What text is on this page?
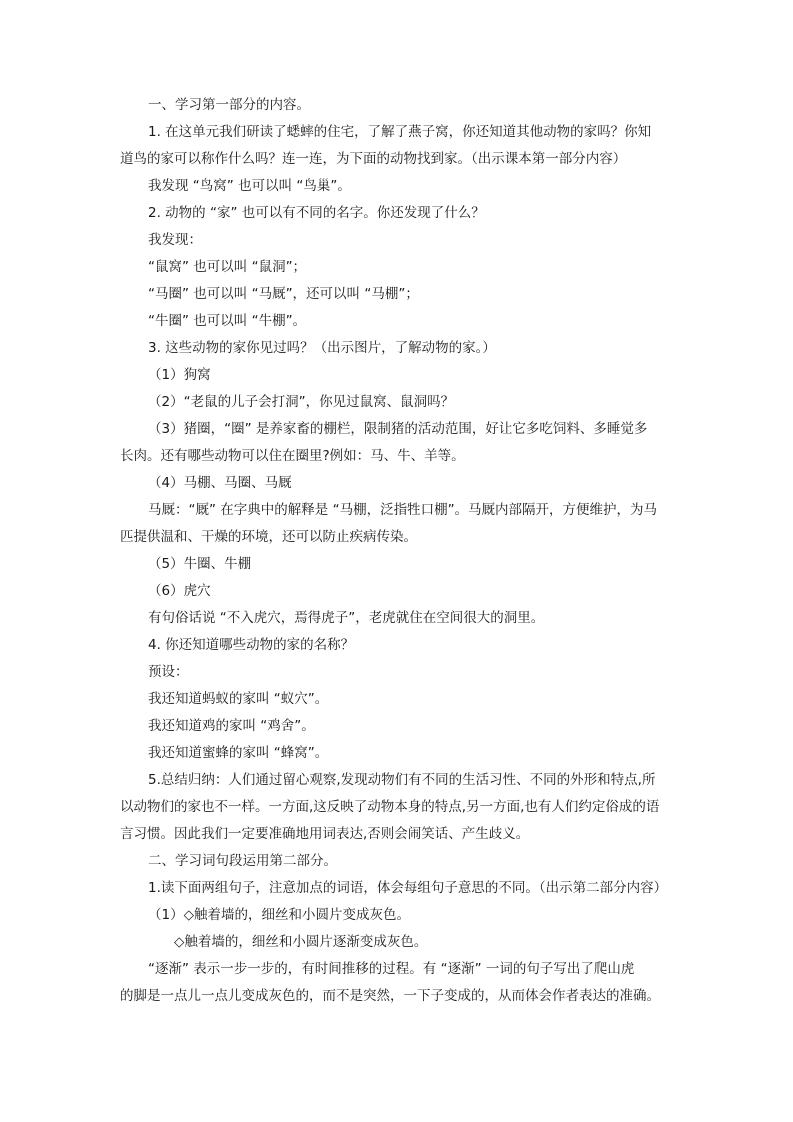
一、学习第一部分的内容。
1. 在这单元我们研读了蟋蟀的住宅，了解了燕子窝，你还知道其他动物的家吗？你知
道鸟的家可以称作什么吗？连一连，为下面的动物找到家。（出示课本第一部分内容）
我发现 “鸟窝” 也可以叫 “鸟巢”。
2. 动物的 “家” 也可以有不同的名字。你还发现了什么？
我发现：
“鼠窝” 也可以叫 “鼠洞”；
“马圈” 也可以叫 “马厩”，还可以叫 “马棚”；
“牛圈” 也可以叫 “牛棚”。
3. 这些动物的家你见过吗？（出示图片，了解动物的家。）
（1）狗窝
（2）“老鼠的儿子会打洞”，你见过鼠窝、鼠洞吗？
（3）猪圈，“圈” 是养家畜的棚栏，限制猪的活动范围，好让它多吃饲料、多睡觉多
长肉。还有哪些动物可以住在圈里?例如：马、牛、羊等。
（4）马棚、马圈、马厩
马厩：“厩” 在字典中的解释是 “马棚，泛指牲口棚”。马厩内部隔开，方便维护，为马
匹提供温和、干燥的环境，还可以防止疾病传染。
（5）牛圈、牛棚
（6）虎穴
有句俗话说 “不入虎穴，焉得虎子”，老虎就住在空间很大的洞里。
4. 你还知道哪些动物的家的名称？
预设：
我还知道蚂蚁的家叫 “蚁穴”。
我还知道鸡的家叫 “鸡舍”。
我还知道蜜蜂的家叫 “蜂窝”。
5.总结归纳：人们通过留心观察,发现动物们有不同的生活习性、不同的外形和特点,所
以动物们的家也不一样。一方面,这反映了动物本身的特点,另一方面,也有人们约定俗成的语
言习惯。因此我们一定要准确地用词表达,否则会闹笑话、产生歧义。
二、学习词句段运用第二部分。
1.读下面两组句子，注意加点的词语，体会每组句子意思的不同。（出示第二部分内容）
（1）◇触着墙的，细丝和小圆片变成灰色。
◇触着墙的，细丝和小圆片逐渐变成灰色。
“逐渐” 表示一步一步的，有时间推移的过程。有 “逐渐” 一词的句子写出了爬山虎
的脚是一点儿一点儿变成灰色的，而不是突然，一下子变成的，从而体会作者表达的准确。
